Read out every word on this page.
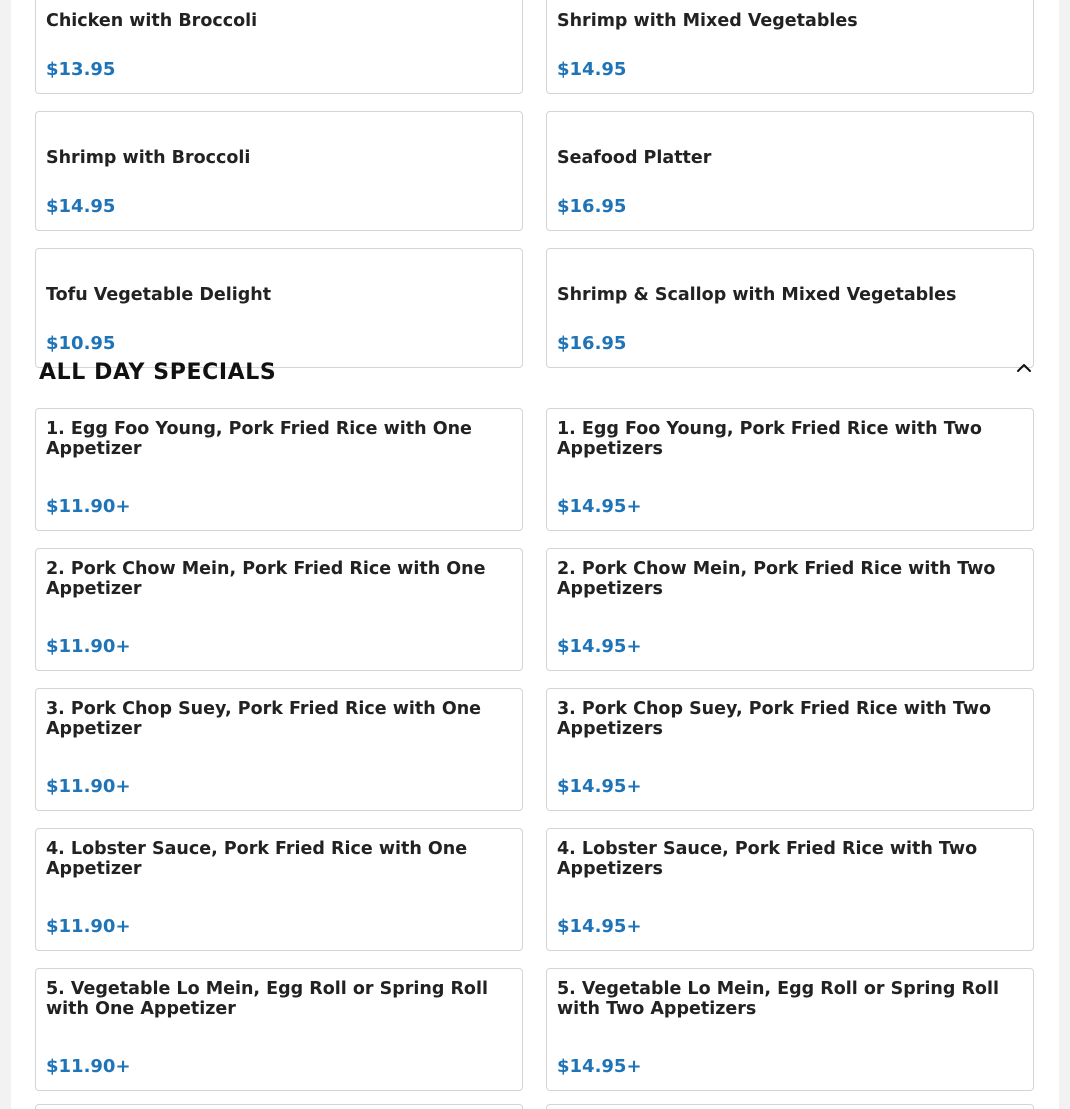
Chicken with Broccoli
$13.95
Shrimp with Mixed Vegetables
$14.95
Shrimp with Broccoli
$14.95
Seafood Platter
$16.95
Tofu Vegetable Delight
$10.95
Shrimp & Scallop with Mixed Vegetables
$16.95
ALL DAY SPECIALS
1. Egg Foo Young, Pork Fried Rice with One Appetizer
$11.90+
1. Egg Foo Young, Pork Fried Rice with Two Appetizers
$14.95+
2. Pork Chow Mein, Pork Fried Rice with One Appetizer
$11.90+
2. Pork Chow Mein, Pork Fried Rice with Two Appetizers
$14.95+
3. Pork Chop Suey, Pork Fried Rice with One Appetizer
$11.90+
3. Pork Chop Suey, Pork Fried Rice with Two Appetizers
$14.95+
4. Lobster Sauce, Pork Fried Rice with One Appetizer
$11.90+
4. Lobster Sauce, Pork Fried Rice with Two Appetizers
$14.95+
5. Vegetable Lo Mein, Egg Roll or Spring Roll with One Appetizer
$11.90+
5. Vegetable Lo Mein, Egg Roll or Spring Roll with Two Appetizers
$14.95+
